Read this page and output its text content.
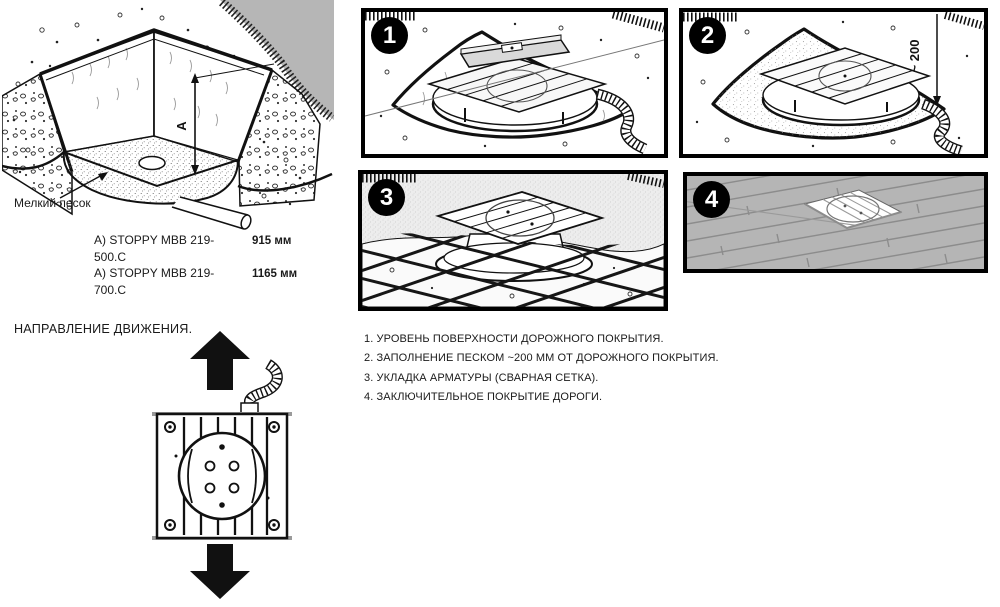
A
Мелкий песок
A) STOPPY MBB 219-500.C
915 мм
A) STOPPY MBB 219-700.C
1165 мм
НАПРАВЛЕНИЕ ДВИЖЕНИЯ.
1
~ 200
2
3	4
1. УРОВЕНЬ ПОВЕРХНОСТИ ДОРОЖНОГО ПОКРЫТИЯ.
2. ЗАПОЛНЕНИЕ ПЕСКОМ ~200 ММ ОТ ДОРОЖНОГО ПОКРЫТИЯ.
3. УКЛАДКА АРМАТУРЫ (СВАРНАЯ СЕТКА).
4. ЗАКЛЮЧИТЕЛЬНОЕ ПОКРЫТИЕ ДОРОГИ.
